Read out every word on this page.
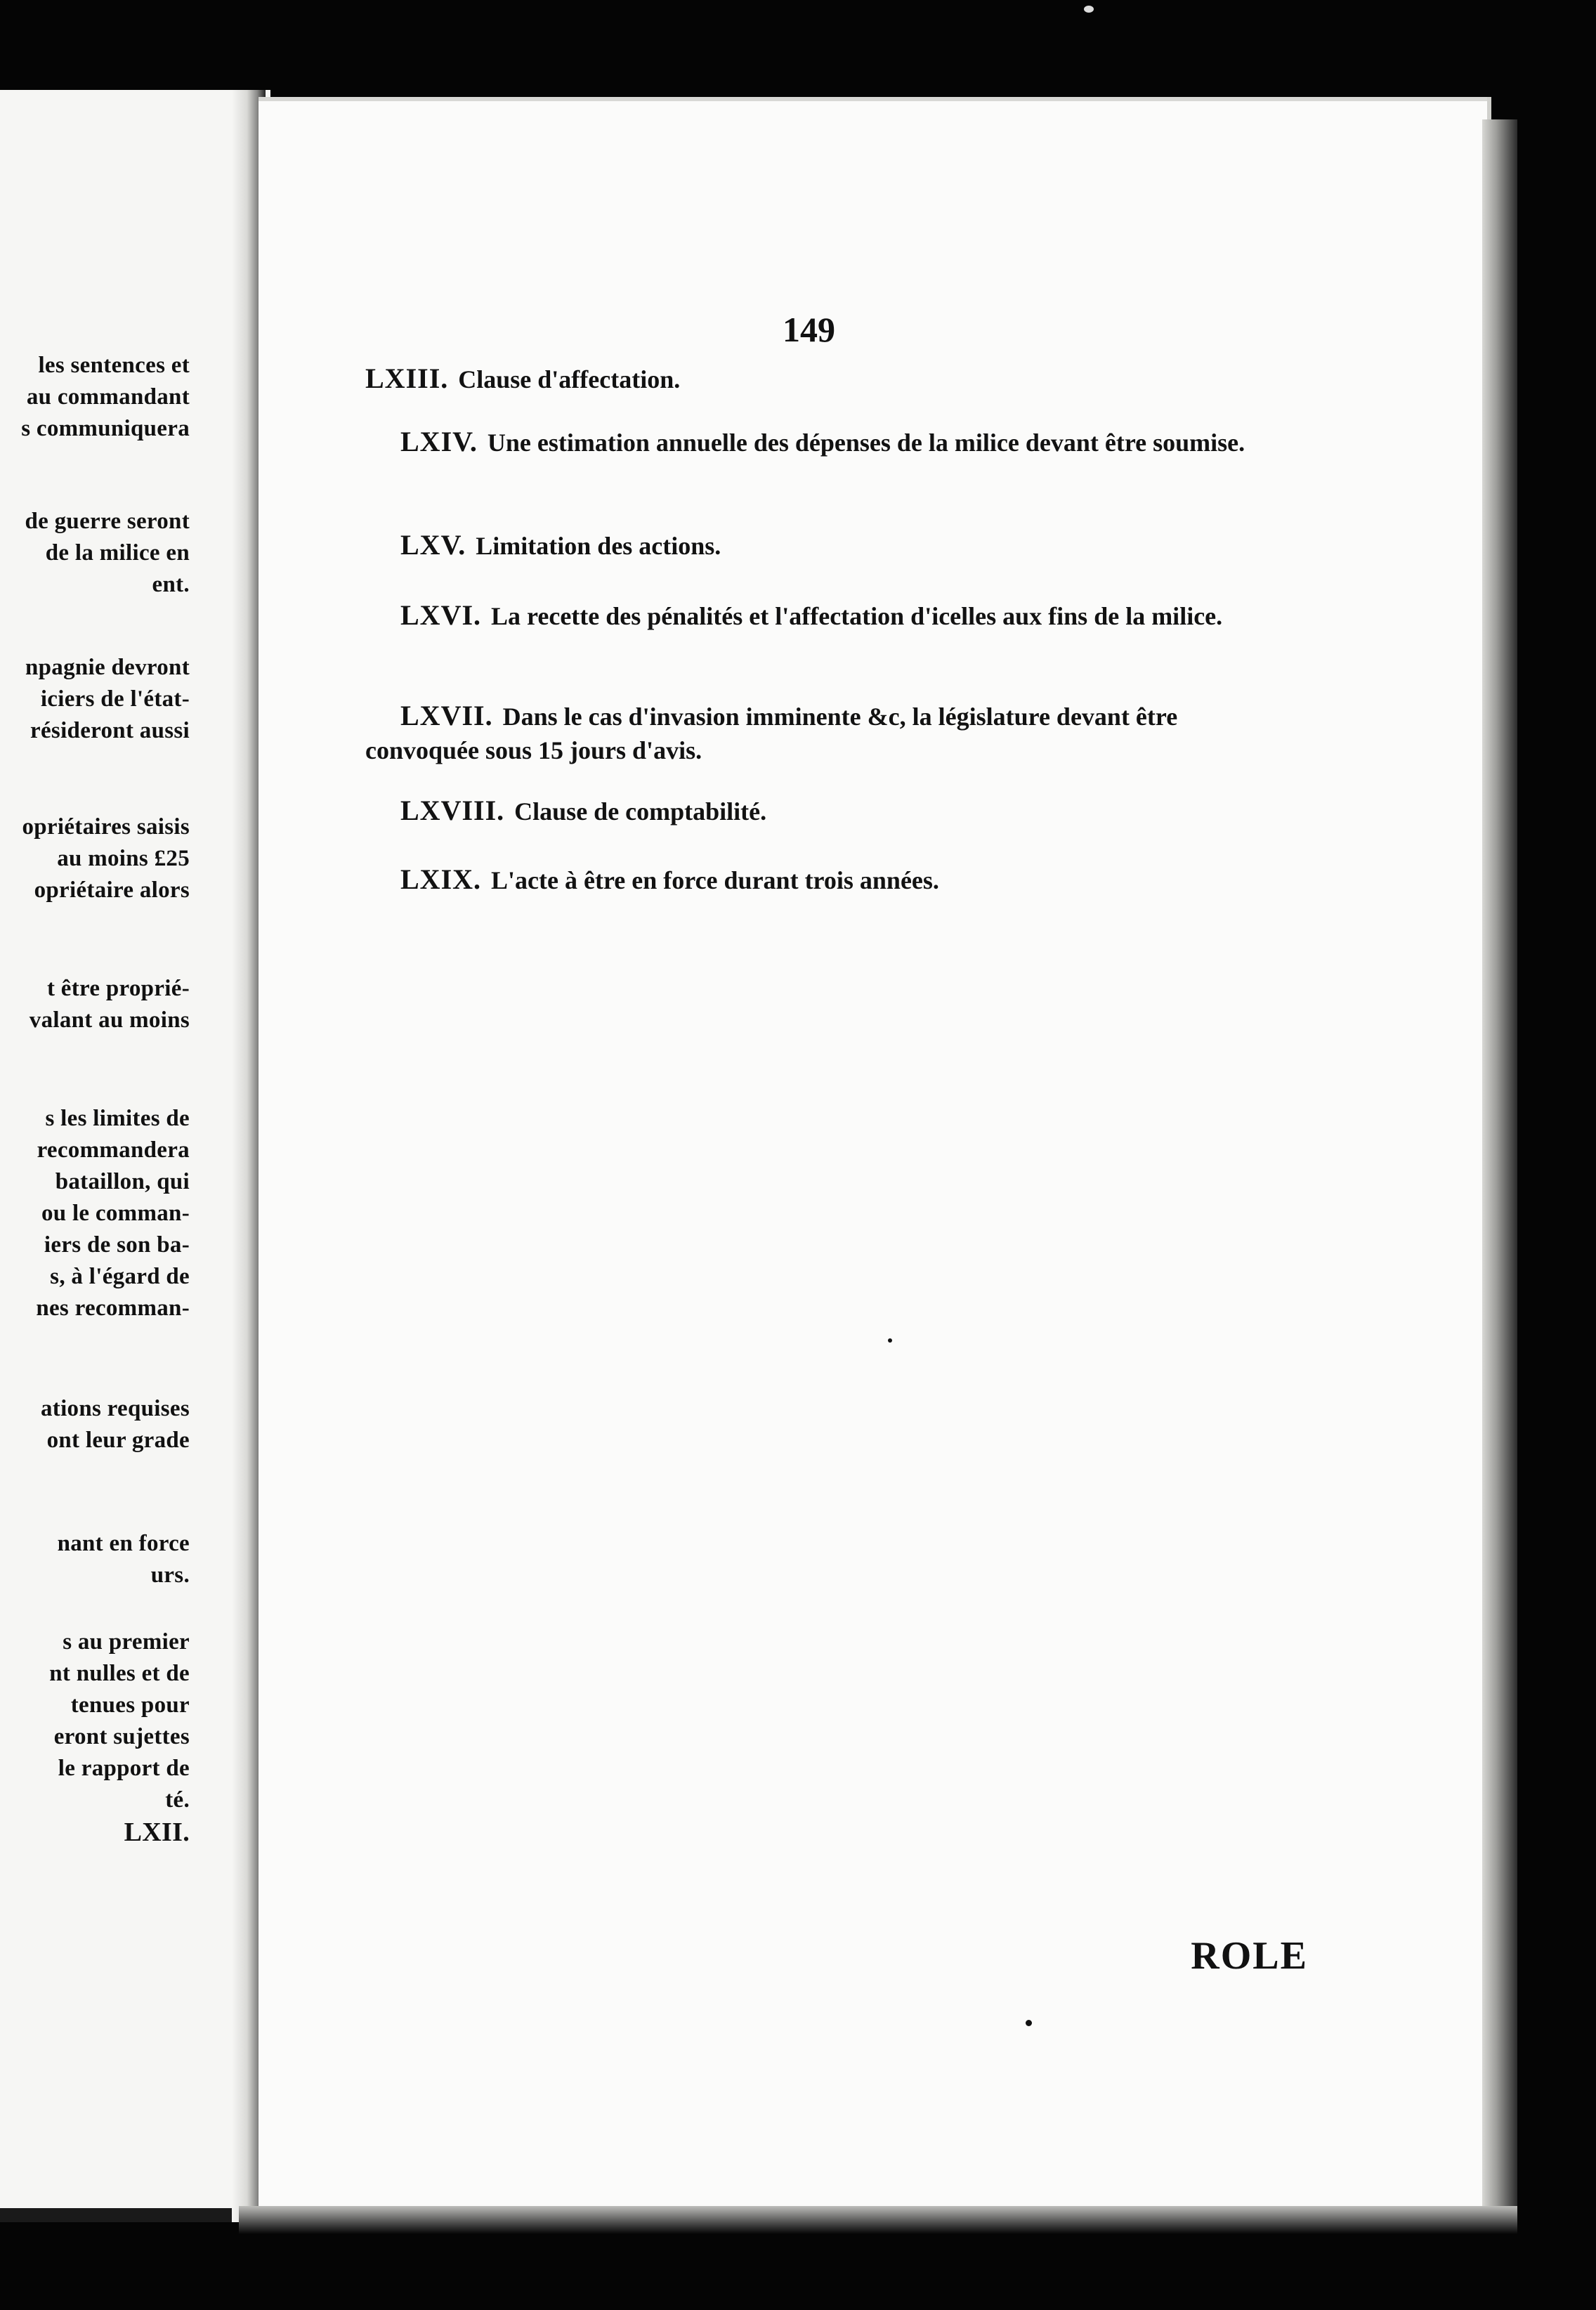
les sentences et

au commandant

s communiquera

de guerre seront

de la milice en

ent.

npagnie devront

iciers de l'état-

résideront aussi

opriétaires saisis

au moins £25

opriétaire alors

t être proprié-

valant au moins

s les limites de

recommandera

bataillon, qui

ou le comman-

iers de son ba-

s, à l'égard de

nes recomman-

ations requises

ont leur grade

nant en force

urs.

s au premier

nt nulles et de

tenues pour

eront sujettes

le rapport de

té.

LXII.

149

LXIII. Clause d'affectation.

LXIV. Une estimation annuelle des dépenses de la milice devant être soumise.

LXV. Limitation des actions.

LXVI. La recette des pénalités et l'affectation d'icelles aux fins de la milice.

LXVII. Dans le cas d'invasion imminente &c, la législature devant être convoquée sous 15 jours d'avis.

LXVIII. Clause de comptabilité.

LXIX. L'acte à être en force durant trois années.

ROLE
